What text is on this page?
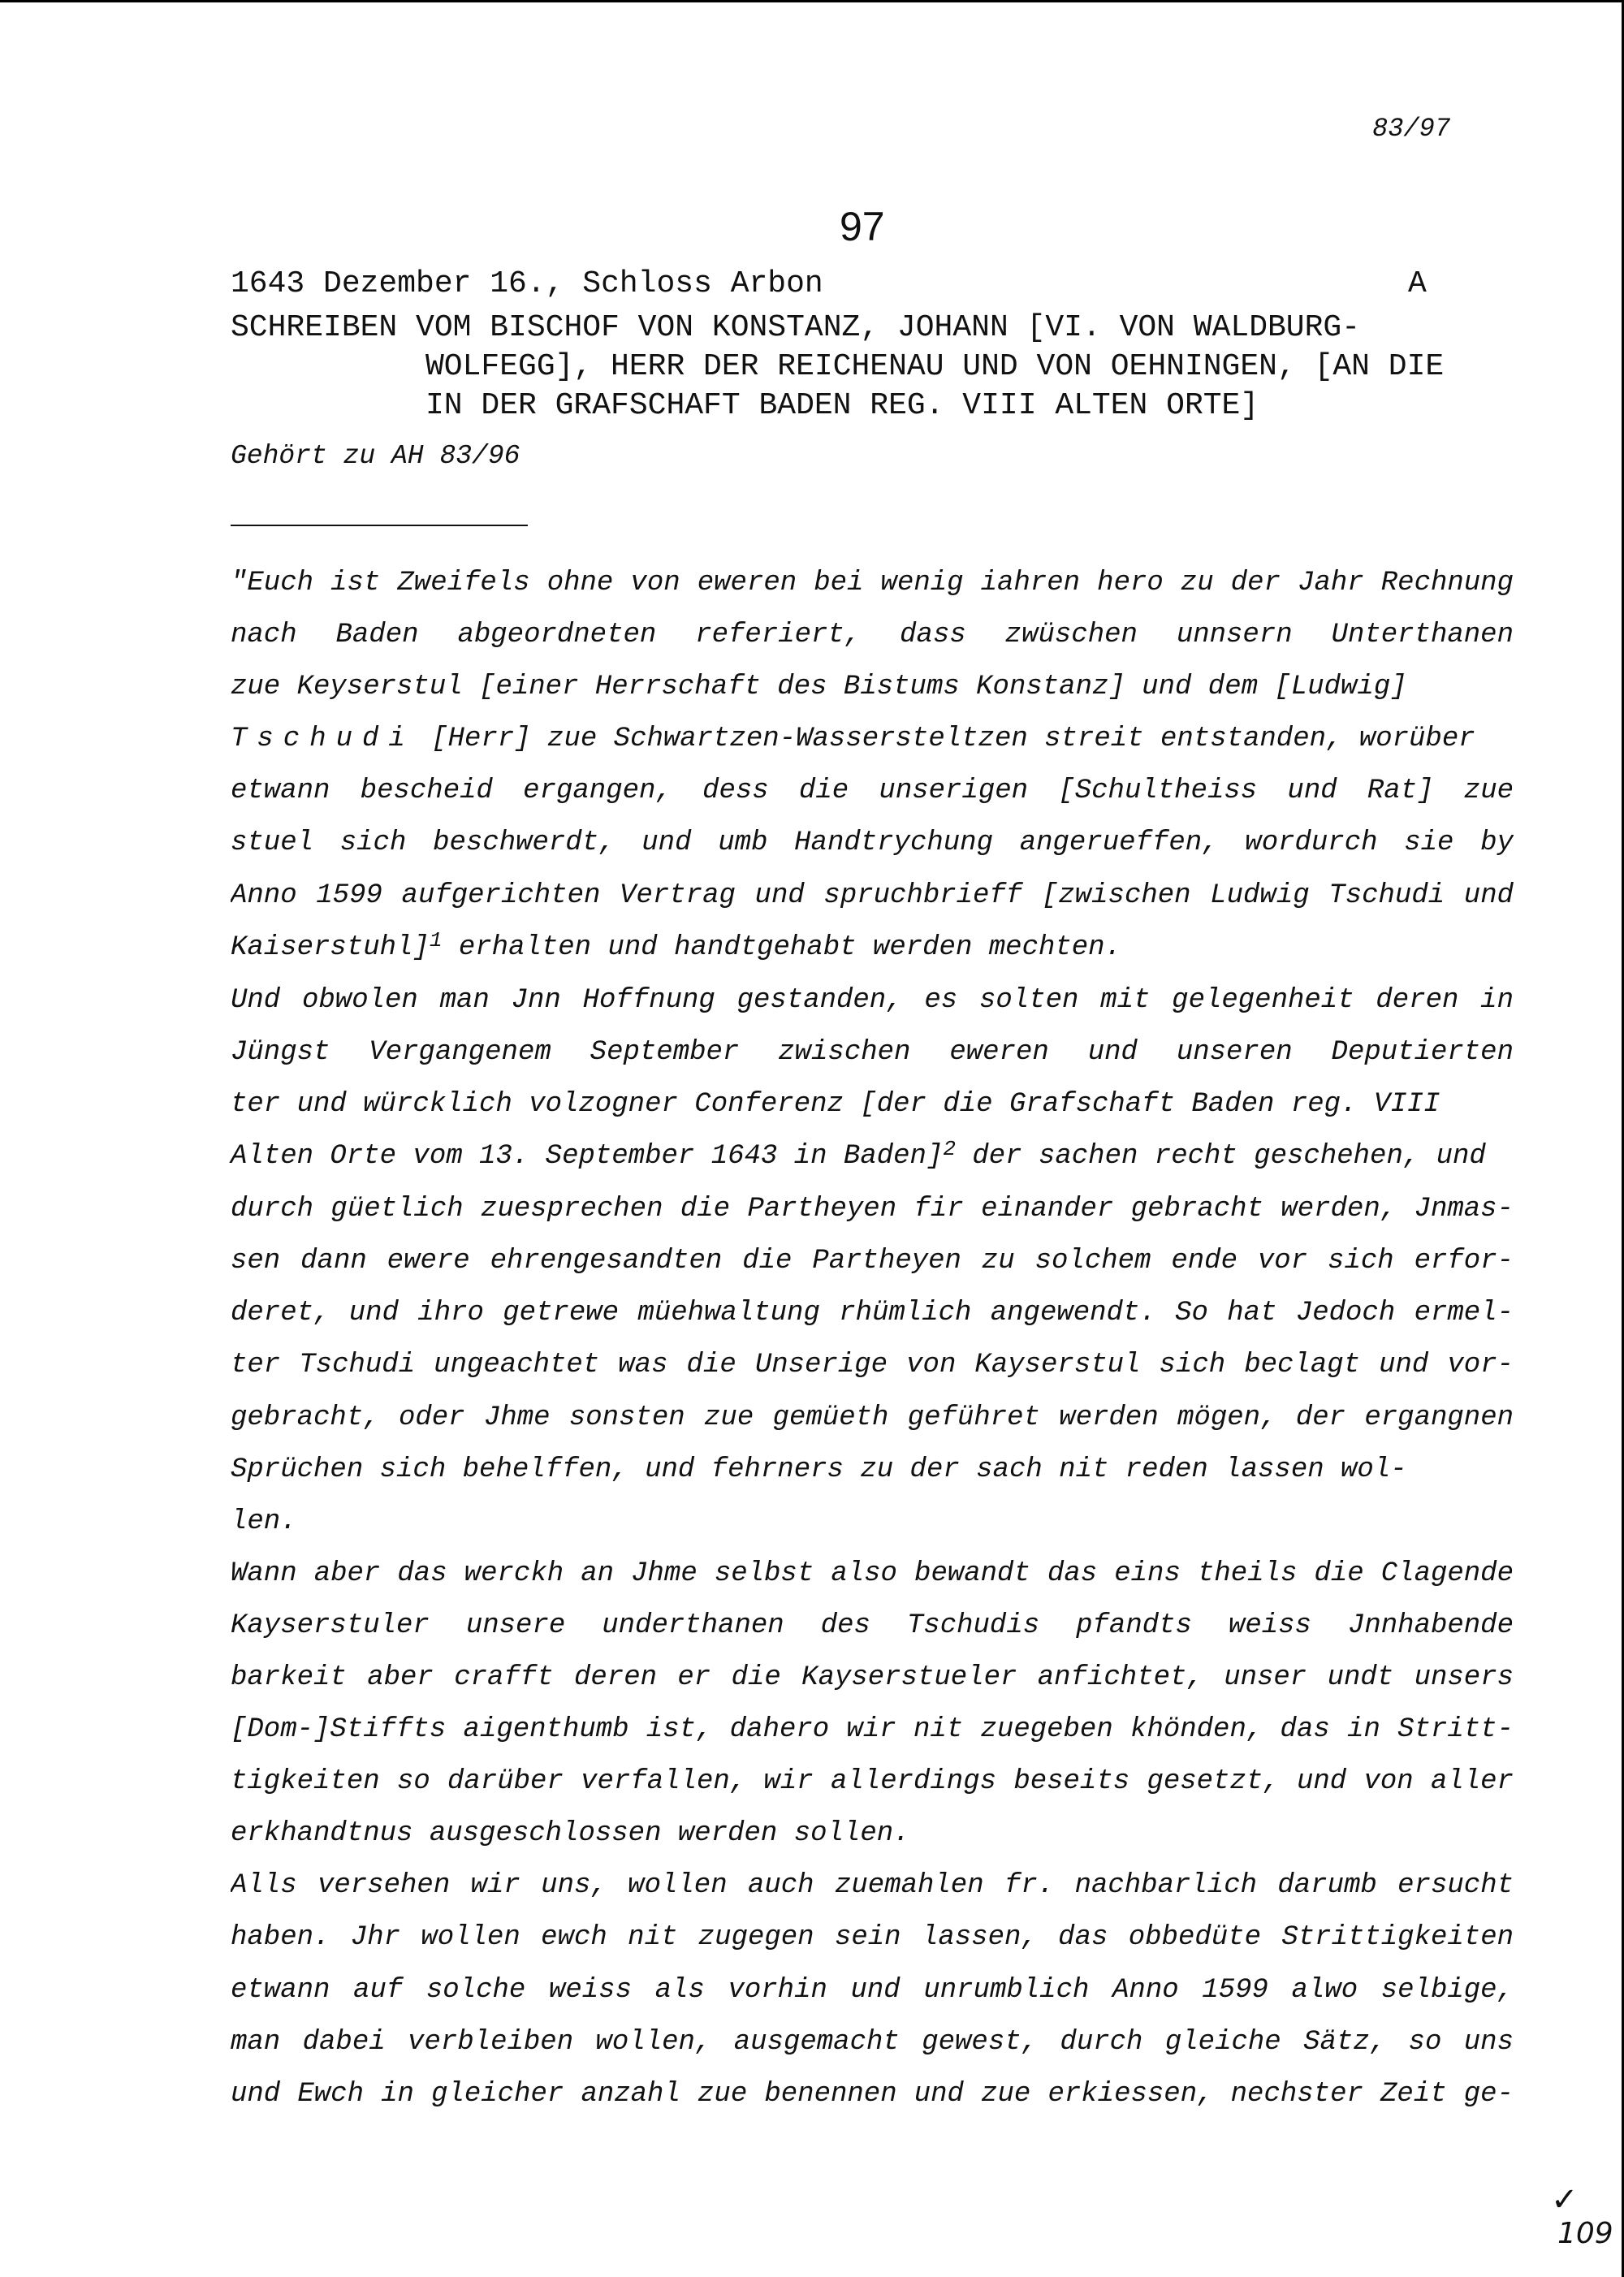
83/97
97
1643 Dezember 16., Schloss Arbon	A
SCHREIBEN VOM BISCHOF VON KONSTANZ, JOHANN [VI. VON WALDBURG-
WOLFEGG], HERR DER REICHENAU UND VON OEHNINGEN, [AN DIE
IN DER GRAFSCHAFT BADEN REG. VIII ALTEN ORTE]
Gehört zu AH 83/96
"Euch ist Zweifels ohne von eweren bei wenig iahren hero zu der Jahr Rechnung
nach Baden abgeordneten referiert, dass zwüschen unnsern Unterthanen
zue Keyserstul [einer Herrschaft des Bistums Konstanz] und dem [Ludwig]
Tschudi [Herr] zue Schwartzen-Wassersteltzen streit entstanden, worüber
etwann bescheid ergangen, dess die unserigen [Schultheiss und Rat] zue
stuel sich beschwerdt, und umb Handtrychung angerueffen, wordurch sie by
Anno 1599 aufgerichten Vertrag und spruchbrieff [zwischen Ludwig Tschudi und
Kaiserstuhl]$^1$ erhalten und handtgehabt werden mechten.
Und obwolen man Jnn Hoffnung gestanden, es solten mit gelegenheit deren in
Jüngst Vergangenem September zwischen eweren und unseren Deputierten
ter und würcklich volzogner Conferenz [der die Grafschaft Baden reg. VIII
Alten Orte vom 13. September 1643 in Baden]$^2$ der sachen recht geschehen, und
durch güetlich zuesprechen die Partheyen fir einander gebracht werden, Jnmas-
sen dann ewere ehrengesandten die Partheyen zu solchem ende vor sich erfor-
deret, und ihro getrewe müehwaltung rhümlich angewendt. So hat Jedoch ermel-
ter Tschudi ungeachtet was die Unserige von Kayserstul sich beclagt und vor-
gebracht, oder Jhme sonsten zue gemüeth geführet werden mögen, der ergangnen
Sprüchen sich behelffen, und fehrners zu der sach nit reden lassen wol-
len.
Wann aber das werckh an Jhme selbst also bewandt das eins theils die Clagende
Kayserstuler unsere underthanen des Tschudis pfandts weiss Jnnhabende
barkeit aber crafft deren er die Kayserstueler anfichtet, unser undt unsers
[Dom-]Stiffts aigenthumb ist, dahero wir nit zuegeben khönden, das in Stritt-
tigkeiten so darüber verfallen, wir allerdings beseits gesetzt, und von aller
erkhandtnus ausgeschlossen werden sollen.
Alls versehen wir uns, wollen auch zuemahlen fr. nachbarlich darumb ersucht
haben. Jhr wollen ewch nit zugegen sein lassen, das obbedüte Strittigkeiten
etwann auf solche weiss als vorhin und unrumblich Anno 1599 alwo selbige,
man dabei verbleiben wollen, ausgemacht gewest, durch gleiche Sätz, so uns
und Ewch in gleicher anzahl zue benennen und zue erkiessen, nechster Zeit ge-
✓
109
